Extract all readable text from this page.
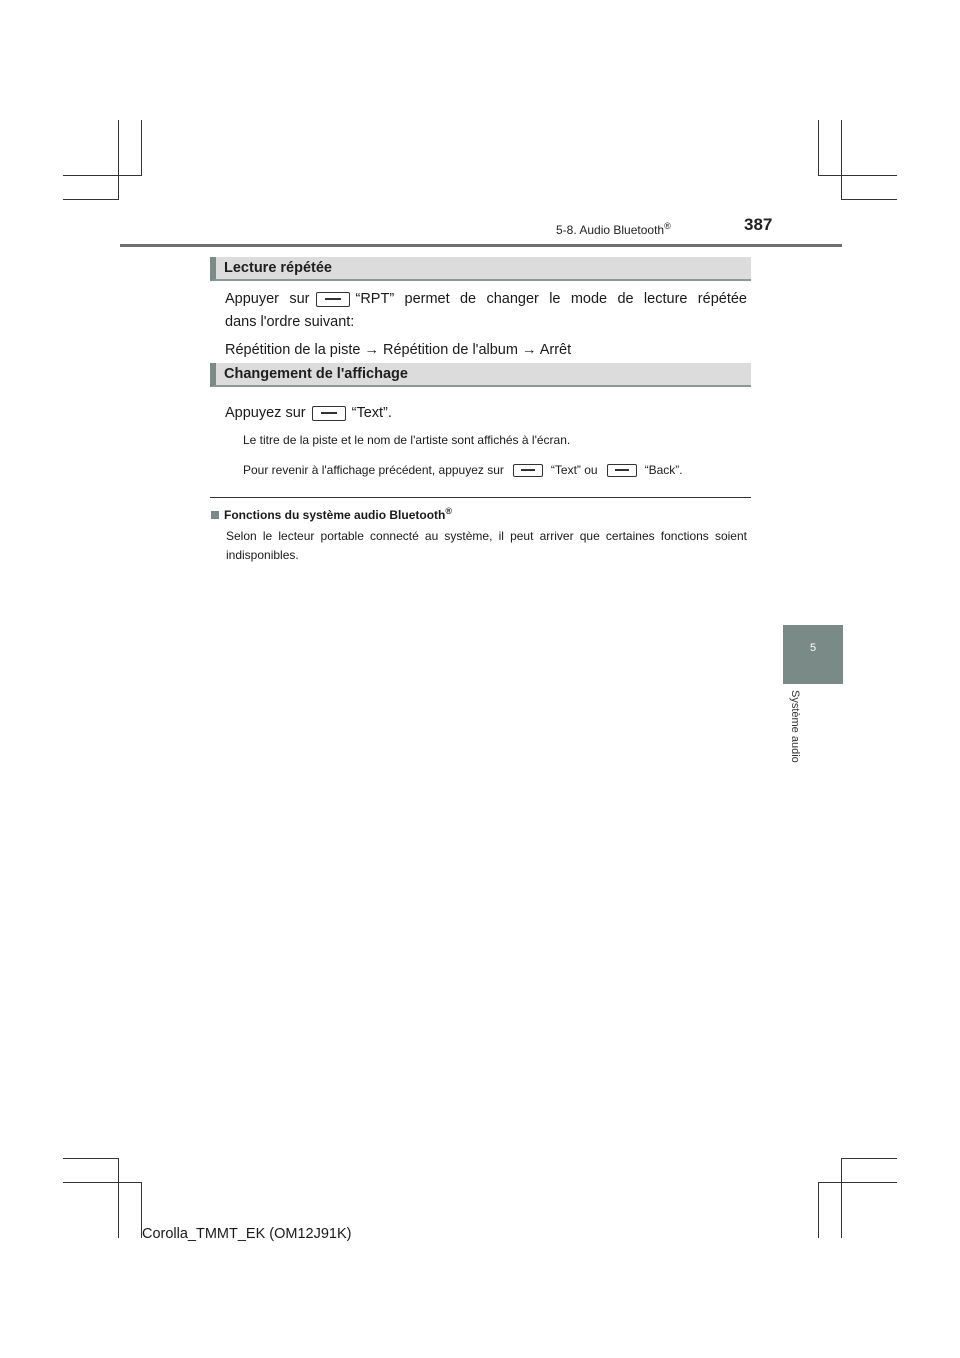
5-8. Audio Bluetooth®	387
Lecture répétée
Appuyer sur	“RPT” permet de changer le mode de lecture répétée
dans l'ordre suivant:
Répétition de la piste → Répétition de l'album → Arrêt
Changement de l'affichage
Appuyez sur	“Text”.
Le titre de la piste et le nom de l'artiste sont affichés à l'écran.
Pour revenir à l'affichage précédent, appuyez sur	“Text” ou	“Back”.
Fonctions du système audio Bluetooth®
Selon le lecteur portable connecté au système, il peut arriver que certaines fonctions soient indisponibles.
5
Système audio
Corolla_TMMT_EK (OM12J91K)
